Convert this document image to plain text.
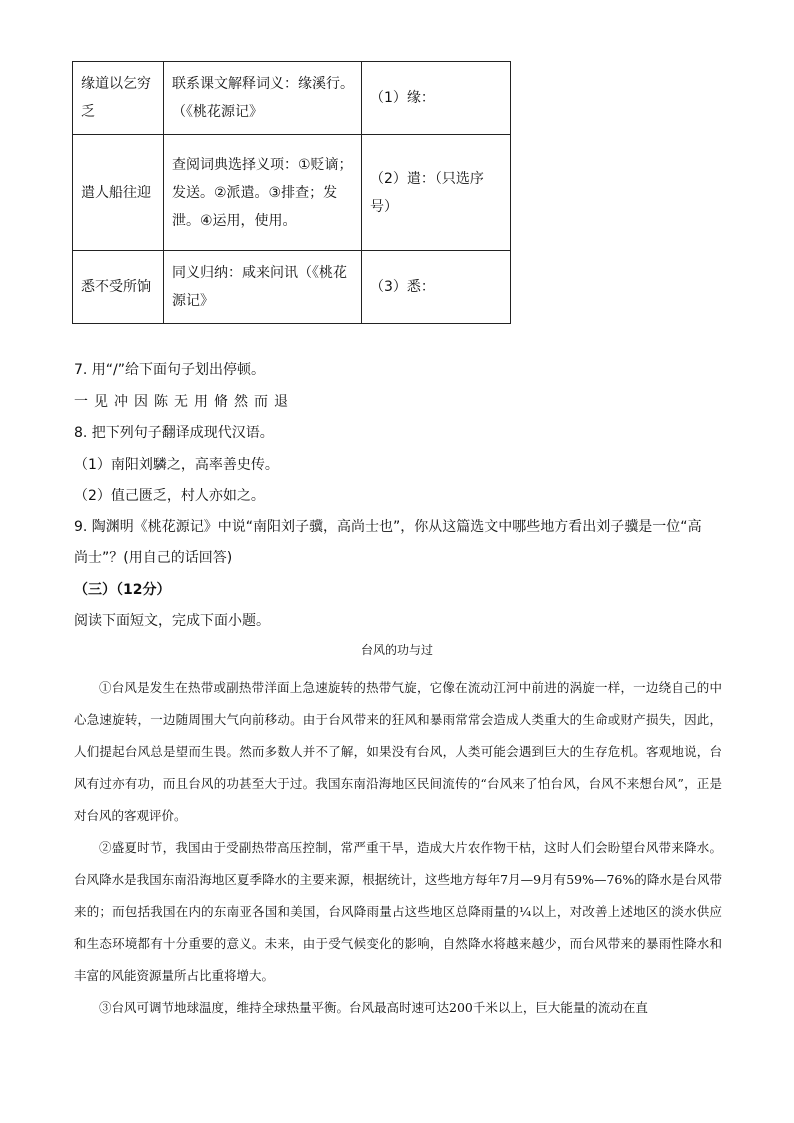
缘道以乞穷乏	联系课文解释词义：缘溪行。（《桃花源记》	（1）缘：
遣人船往迎	查阅词典选择义项：①贬谪；发送。②派遣。③排查；发泄。④运用，使用。	（2）遣：（只选序号）
悉不受所饷	同义归纳：咸来问讯（《桃花源记》	（3）悉：
7. 用“/”给下面句子划出停顿。
一见冲因陈无用脩然而退
8. 把下列句子翻译成现代汉语。
（1）南阳刘驎之，高率善史传。
（2）值己匮乏，村人亦如之。
9. 陶渊明《桃花源记》中说“南阳刘子骥，高尚士也”，你从这篇选文中哪些地方看出刘子骥是一位“高
尚士”？(用自己的话回答)
（三）（12分）
阅读下面短文，完成下面小题。
台风的功与过

①台风是发生在热带或副热带洋面上急速旋转的热带气旋，它像在流动江河中前进的涡旋一样，一边绕自己的中心急速旋转，一边随周围大气向前移动。由于台风带来的狂风和暴雨常常会造成人类重大的生命或财产损失，因此，人们提起台风总是望而生畏。然而多数人并不了解，如果没有台风，人类可能会遇到巨大的生存危机。客观地说，台风有过亦有功，而且台风的功甚至大于过。我国东南沿海地区民间流传的“台风来了怕台风，台风不来想台风”，正是对台风的客观评价。

②盛夏时节，我国由于受副热带高压控制，常严重干旱，造成大片农作物干枯，这时人们会盼望台风带来降水。台风降水是我国东南沿海地区夏季降水的主要来源，根据统计，这些地方每年7月—9月有59%—76%的降水是台风带来的；而包括我国在内的东南亚各国和美国，台风降雨量占这些地区总降雨量的¼以上，对改善上述地区的淡水供应和生态环境都有十分重要的意义。未来，由于受气候变化的影响，自然降水将越来越少，而台风带来的暴雨性降水和丰富的风能资源量所占比重将增大。

③台风可调节地球温度，维持全球热量平衡。台风最高时速可达200千米以上，巨大能量的流动在直
